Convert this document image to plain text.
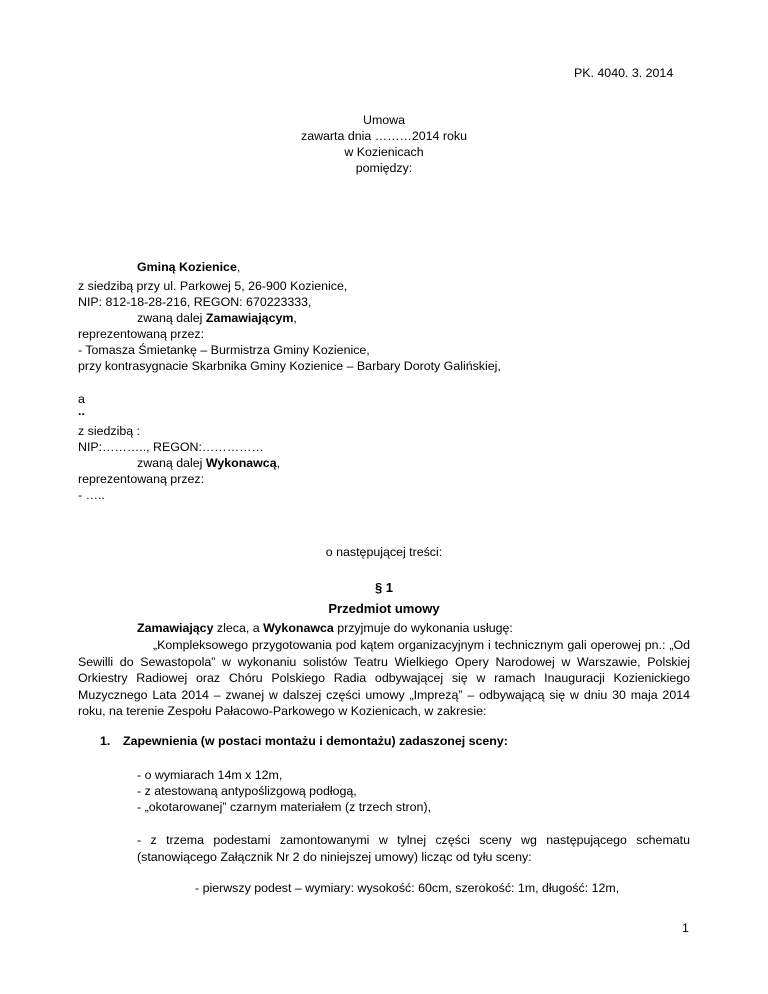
PK. 4040. 3. 2014
Umowa
zawarta dnia ………2014 roku
w Kozienicach
pomiędzy:
Gminą Kozienice,
z siedzibą przy ul. Parkowej 5, 26-900 Kozienice,
NIP: 812-18-28-216, REGON: 670223333,
zwaną dalej Zamawiającym,
reprezentowaną przez:
- Tomasza Śmietankę – Burmistrza Gminy Kozienice,
przy kontrasygnacie Skarbnika Gminy Kozienice – Barbary Doroty Galińskiej,
a
..
z siedzibą :
NIP:……….., REGON:……………
zwaną dalej Wykonawcą,
reprezentowaną przez:
- …..
o następującej treści:
§ 1
Przedmiot umowy
Zamawiający zleca, a Wykonawca przyjmuje do wykonania usługę:
„Kompleksowego przygotowania pod kątem organizacyjnym i technicznym gali operowej pn.: „Od Sewilli do Sewastopola” w wykonaniu solistów Teatru Wielkiego Opery Narodowej w Warszawie, Polskiej Orkiestry Radiowej oraz Chóru Polskiego Radia odbywającej się w ramach Inauguracji Kozienickiego Muzycznego Lata 2014 – zwanej w dalszej części umowy „Imprezą” – odbywającą się w dniu 30 maja 2014 roku, na terenie Zespołu Pałacowo-Parkowego w Kozienicach, w zakresie:
1. Zapewnienia (w postaci montażu i demontażu) zadaszonej sceny:
- o wymiarach 14m x 12m,
- z atestowaną antypoślizgową podłogą,
- „okotarowanej” czarnym materiałem (z trzech stron),
- z trzema podestami zamontowanymi w tylnej części sceny wg następującego schematu (stanowiącego Załącznik Nr 2 do niniejszej umowy) licząc od tyłu sceny:
- pierwszy podest – wymiary: wysokość: 60cm, szerokość: 1m, długość: 12m,
1
